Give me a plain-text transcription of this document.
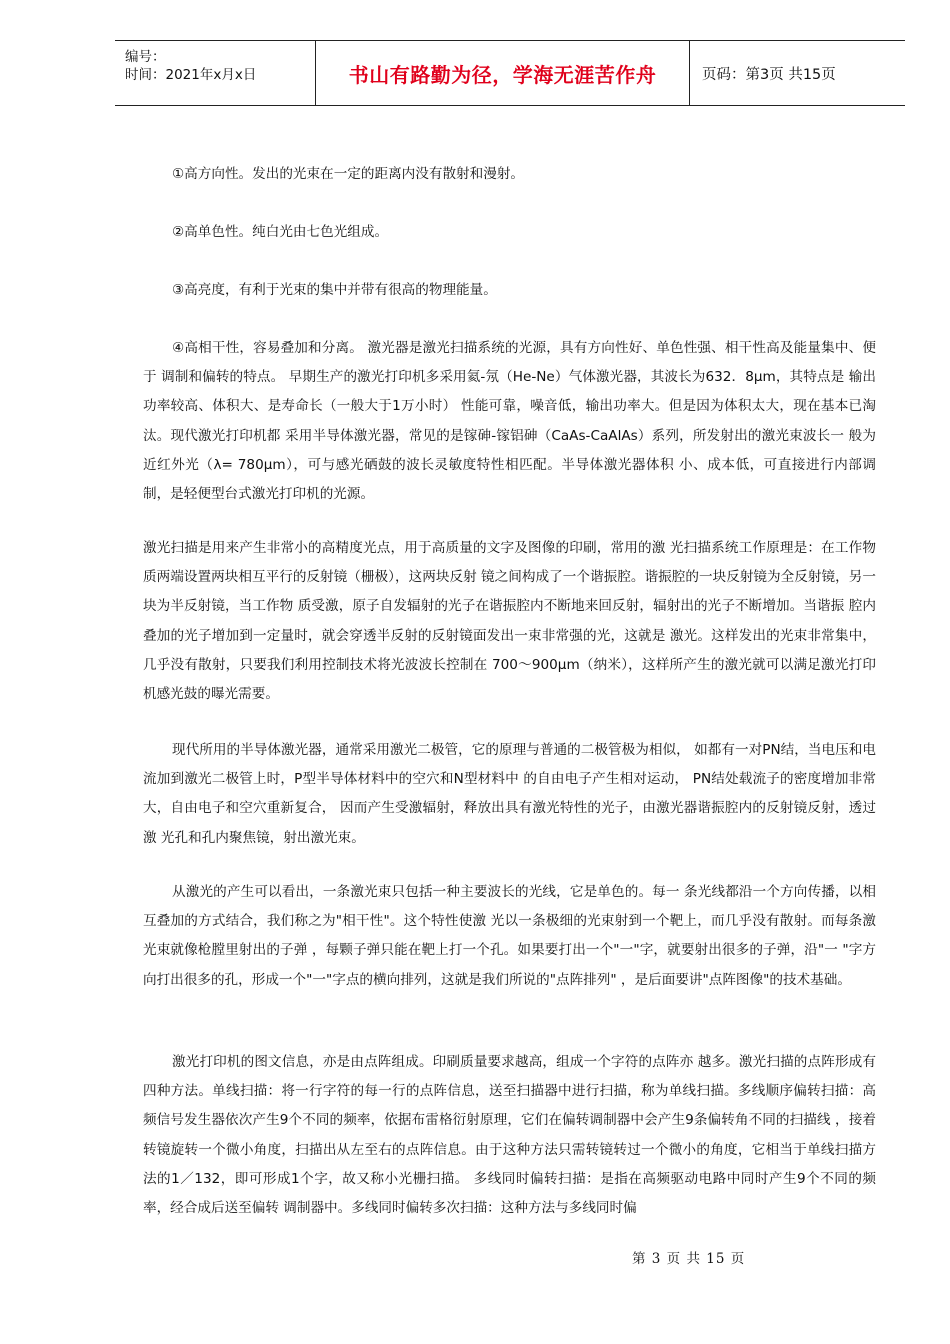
编号：
时间：2021年x月x日	书山有路勤为径，学海无涯苦作舟	页码：第3页 共15页

①高方向性。发出的光束在一定的距离内没有散射和漫射。

②高单色性。纯白光由七色光组成。

③高亮度，有利于光束的集中并带有很高的物理能量。

④高相干性，容易叠加和分离。 激光器是激光扫描系统的光源，具有方向性好、单色性强、相干性高及能量集中、便于 调制和偏转的特点。 早期生产的激光打印机多采用氦-氖（He-Ne）气体激光器，其波长为632．8μm，其特点是 输出功率较高、体积大、是寿命长（一般大于1万小时） 性能可靠，噪音低，输出功率大。但是因为体积太大，现在基本已淘汰。现代激光打印机都 采用半导体激光器，常见的是镓砷-镓铝砷（CaAs-CaAlAs）系列，所发射出的激光束波长一 般为近红外光（λ= 780μm），可与感光硒鼓的波长灵敏度特性相匹配。半导体激光器体积 小、成本低，可直接进行内部调制，是轻便型台式激光打印机的光源。

激光扫描是用来产生非常小的高精度光点，用于高质量的文字及图像的印刷，常用的激 光扫描系统工作原理是：在工作物质两端设置两块相互平行的反射镜（栅极），这两块反射 镜之间构成了一个谐振腔。谐振腔的一块反射镜为全反射镜，另一块为半反射镜，当工作物 质受激，原子自发辐射的光子在谐振腔内不断地来回反射，辐射出的光子不断增加。当谐振 腔内叠加的光子增加到一定量时，就会穿透半反射的反射镜面发出一束非常强的光，这就是 激光。这样发出的光束非常集中，几乎没有散射，只要我们利用控制技术将光波波长控制在 700～900μm（纳米），这样所产生的激光就可以满足激光打印机感光鼓的曝光需要。

现代所用的半导体激光器，通常采用激光二极管，它的原理与普通的二极管极为相似， 如都有一对PN结，当电压和电流加到激光二极管上时，P型半导体材料中的空穴和N型材料中 的自由电子产生相对运动， PN结处载流子的密度增加非常大，自由电子和空穴重新复合， 因而产生受激辐射，释放出具有激光特性的光子，由激光器谐振腔内的反射镜反射，透过激 光孔和孔内聚焦镜，射出激光束。

从激光的产生可以看出，一条激光束只包括一种主要波长的光线，它是单色的。每一 条光线都沿一个方向传播，以相互叠加的方式结合，我们称之为"相干性"。这个特性使激 光以一条极细的光束射到一个靶上，而几乎没有散射。而每条激光束就像枪膛里射出的子弹 ，每颗子弹只能在靶上打一个孔。如果要打出一个"一"字，就要射出很多的子弹，沿"一 "字方向打出很多的孔，形成一个"一"字点的横向排列，这就是我们所说的"点阵排列" ，是后面要讲"点阵图像"的技术基础。

激光打印机的图文信息，亦是由点阵组成。印刷质量要求越高，组成一个字符的点阵亦 越多。激光扫描的点阵形成有四种方法。单线扫描：将一行字符的每一行的点阵信息，送至扫描器中进行扫描，称为单线扫描。多线顺序偏转扫描：高频信号发生器依次产生9个不同的频率，依据布雷格衍射原理，它们在偏转调制器中会产生9条偏转角不同的扫描线 ，接着转镜旋转一个微小角度，扫描出从左至右的点阵信息。由于这种方法只需转镜转过一个微小的角度，它相当于单线扫描方法的1／132，即可形成1个字，故又称小光栅扫描。 多线同时偏转扫描：是指在高频驱动电路中同时产生9个不同的频率，经合成后送至偏转 调制器中。多线同时偏转多次扫描：这种方法与多线同时偏

第 3 页 共 15 页
